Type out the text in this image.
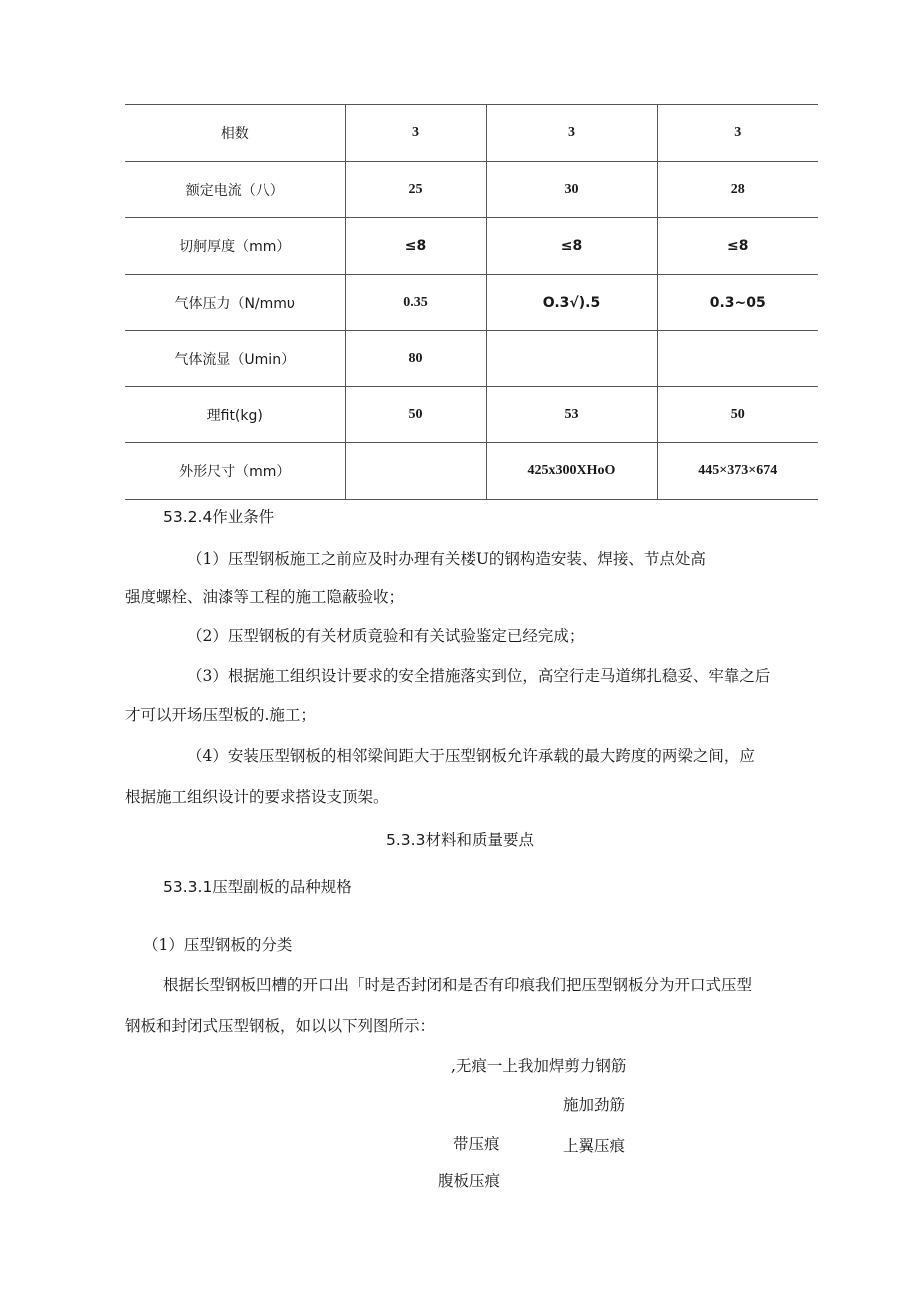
相数	3	3	3
额定电流（八）	25	30	28
切舸厚度（mm）	≤8	≤8	≤8
气体压力（N∕mmυ	0.35	O.3√).5	0.3~05
气体流显（Umin）	80		
理fit(kg)	50	53	50
外形尺寸（mm）		425x300XHoO	445×373×674
53.2.4作业条件
（1）压型钢板施工之前应及时办理有关楼U的钢构造安装、焊接、节点处高
强度螺栓、油漆等工程的施工隐蔽验收；
（2）压型钢板的有关材质竟验和有关试验鉴定已经完成；
（3）根据施工组织设计要求的安全措施落实到位，高空行走马道绑扎稳妥、牢靠之后
才可以开场压型板的.施工；
（4）安装压型钢板的相邻梁间距大于压型钢板允许承载的最大跨度的两梁之间，应
根据施工组织设计的要求搭设支顶架。
5.3.3材料和质量要点
53.3.1压型副板的品种规格
（1）压型钢板的分类
根据长型钢板凹槽的开口出「时是否封闭和是否有印痕我们把压型钢板分为开口式压型
钢板和封闭式压型钢板，如以以下列图所示：
,无痕一上我加焊剪力钢筋
施加劲筋
带压痕	上翼压痕
腹板压痕
